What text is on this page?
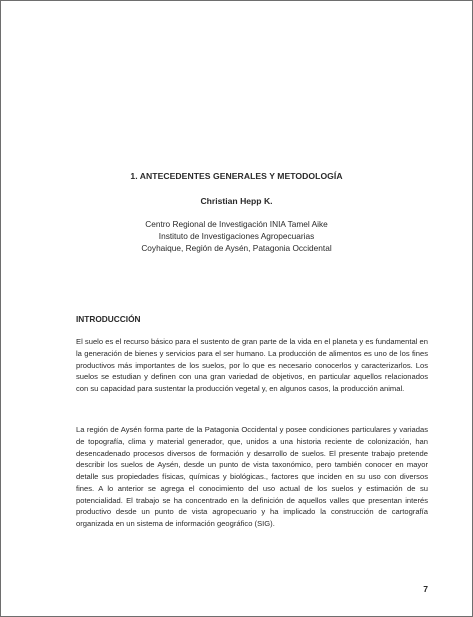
1. ANTECEDENTES GENERALES Y METODOLOGÍA
Christian Hepp K.
Centro Regional de Investigación INIA Tamel Aike
Instituto de Investigaciones Agropecuarias
Coyhaique, Región de Aysén, Patagonia Occidental
INTRODUCCIÓN

El suelo es el recurso básico para el sustento de gran parte de la vida en el planeta y es fundamental en la generación de bienes y servicios para el ser humano. La producción de alimentos es uno de los fines productivos más importantes de los suelos, por lo que es necesario conocerlos y caracterizarlos. Los suelos se estudian y definen con una gran variedad de objetivos, en particular aquellos relacionados con su capacidad para sustentar la producción vegetal y, en algunos casos, la producción animal.

La región de Aysén forma parte de la Patagonia Occidental y posee condiciones particulares y variadas de topografía, clima y material generador, que, unidos a una historia reciente de colonización, han desencadenado procesos diversos de formación y desarrollo de suelos. El presente trabajo pretende describir los suelos de Aysén, desde un punto de vista taxonómico, pero también conocer en mayor detalle sus propiedades físicas, químicas y biológicas., factores que inciden en su uso con diversos fines. A lo anterior se agrega el conocimiento del uso actual de los suelos y estimación de su potencialidad. El trabajo se ha concentrado en la definición de aquellos valles que presentan interés productivo desde un punto de vista agropecuario y ha implicado la construcción de cartografía organizada en un sistema de información geográfico (SIG).

7
